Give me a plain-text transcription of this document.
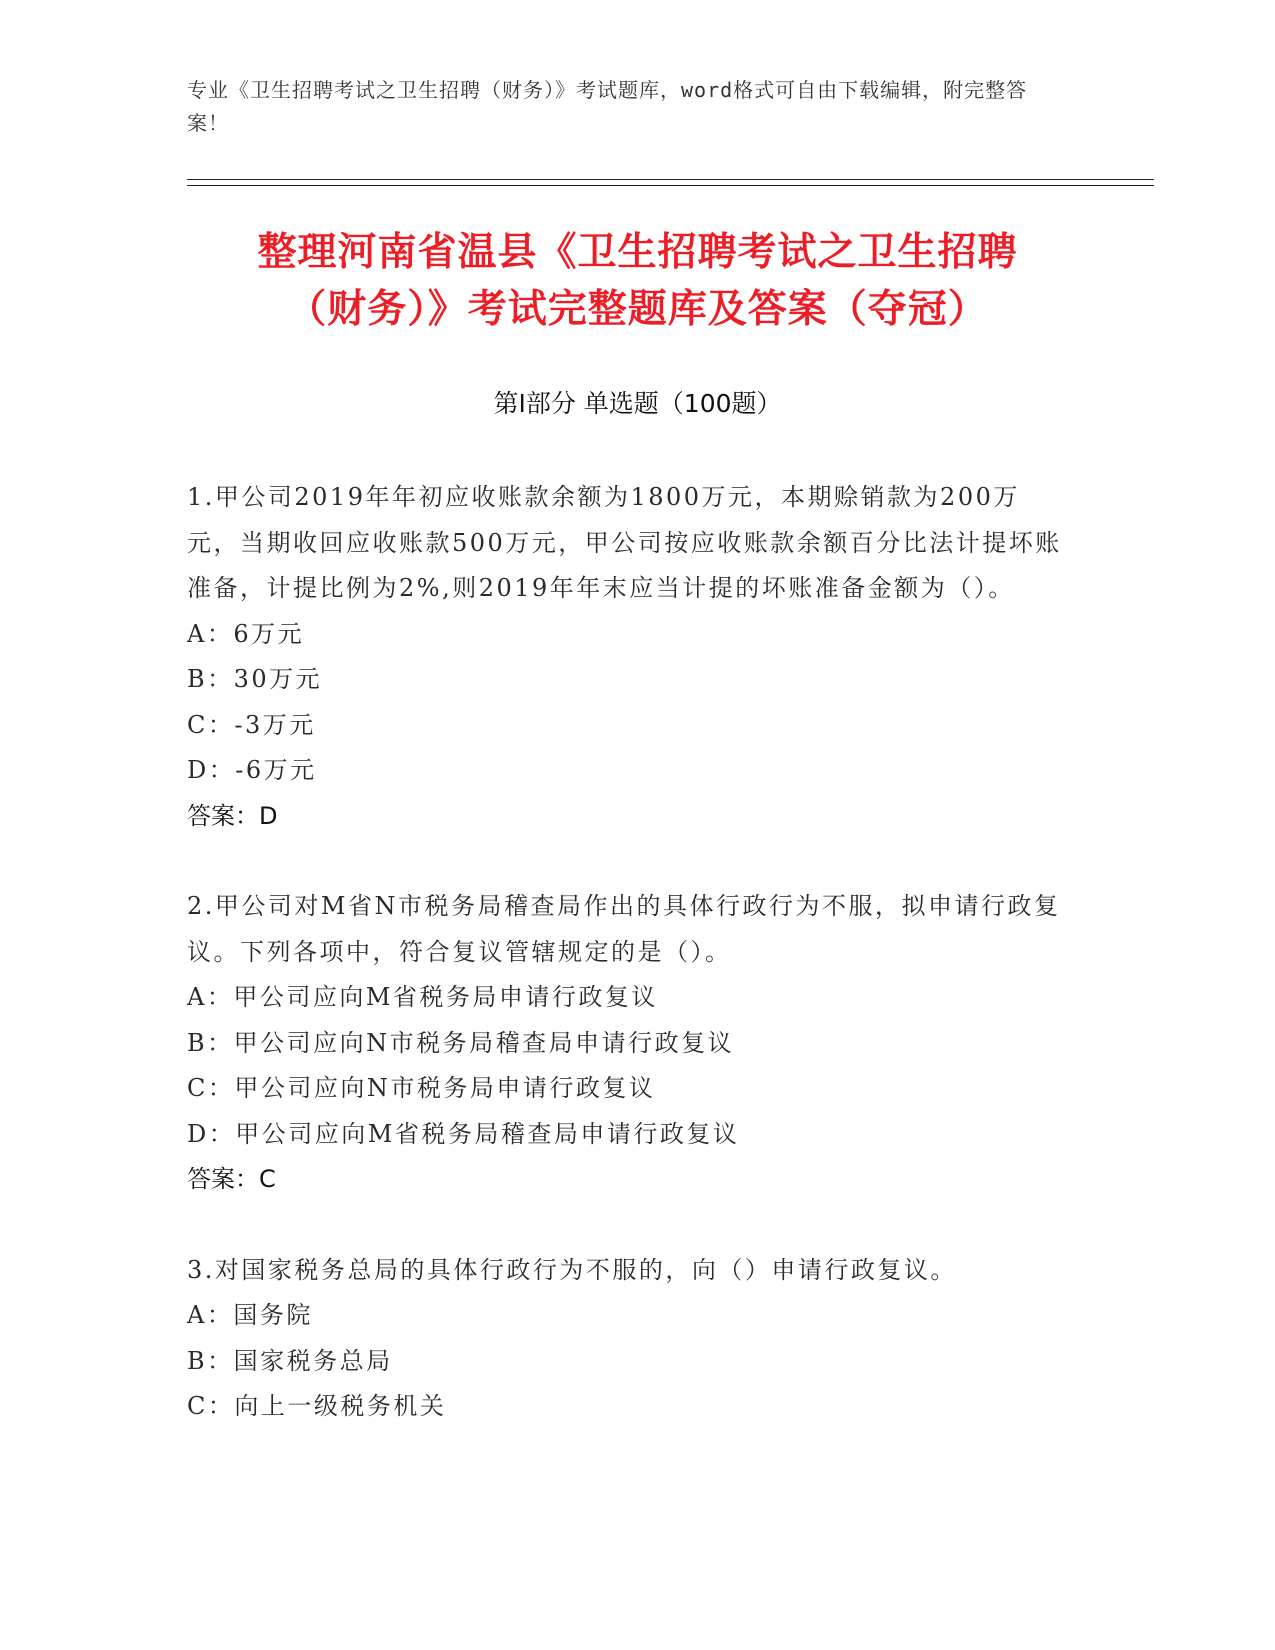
专业《卫生招聘考试之卫生招聘（财务）》考试题库，word格式可自由下载编辑，附完整答案！
整理河南省温县《卫生招聘考试之卫生招聘
（财务）》考试完整题库及答案（夺冠）
第Ⅰ部分 单选题（100题）
1.甲公司2019年年初应收账款余额为1800万元，本期赊销款为200万元，当期收回应收账款500万元，甲公司按应收账款余额百分比法计提坏账准备，计提比例为2%,则2019年年末应当计提的坏账准备金额为（）。
A：6万元
B：30万元
C：-3万元
D：-6万元
答案：D
2.甲公司对M省N市税务局稽查局作出的具体行政行为不服，拟申请行政复议。下列各项中，符合复议管辖规定的是（）。
A：甲公司应向M省税务局申请行政复议
B：甲公司应向N市税务局稽查局申请行政复议
C：甲公司应向N市税务局申请行政复议
D：甲公司应向M省税务局稽查局申请行政复议
答案：C
3.对国家税务总局的具体行政行为不服的，向（）申请行政复议。
A：国务院
B：国家税务总局
C：向上一级税务机关
